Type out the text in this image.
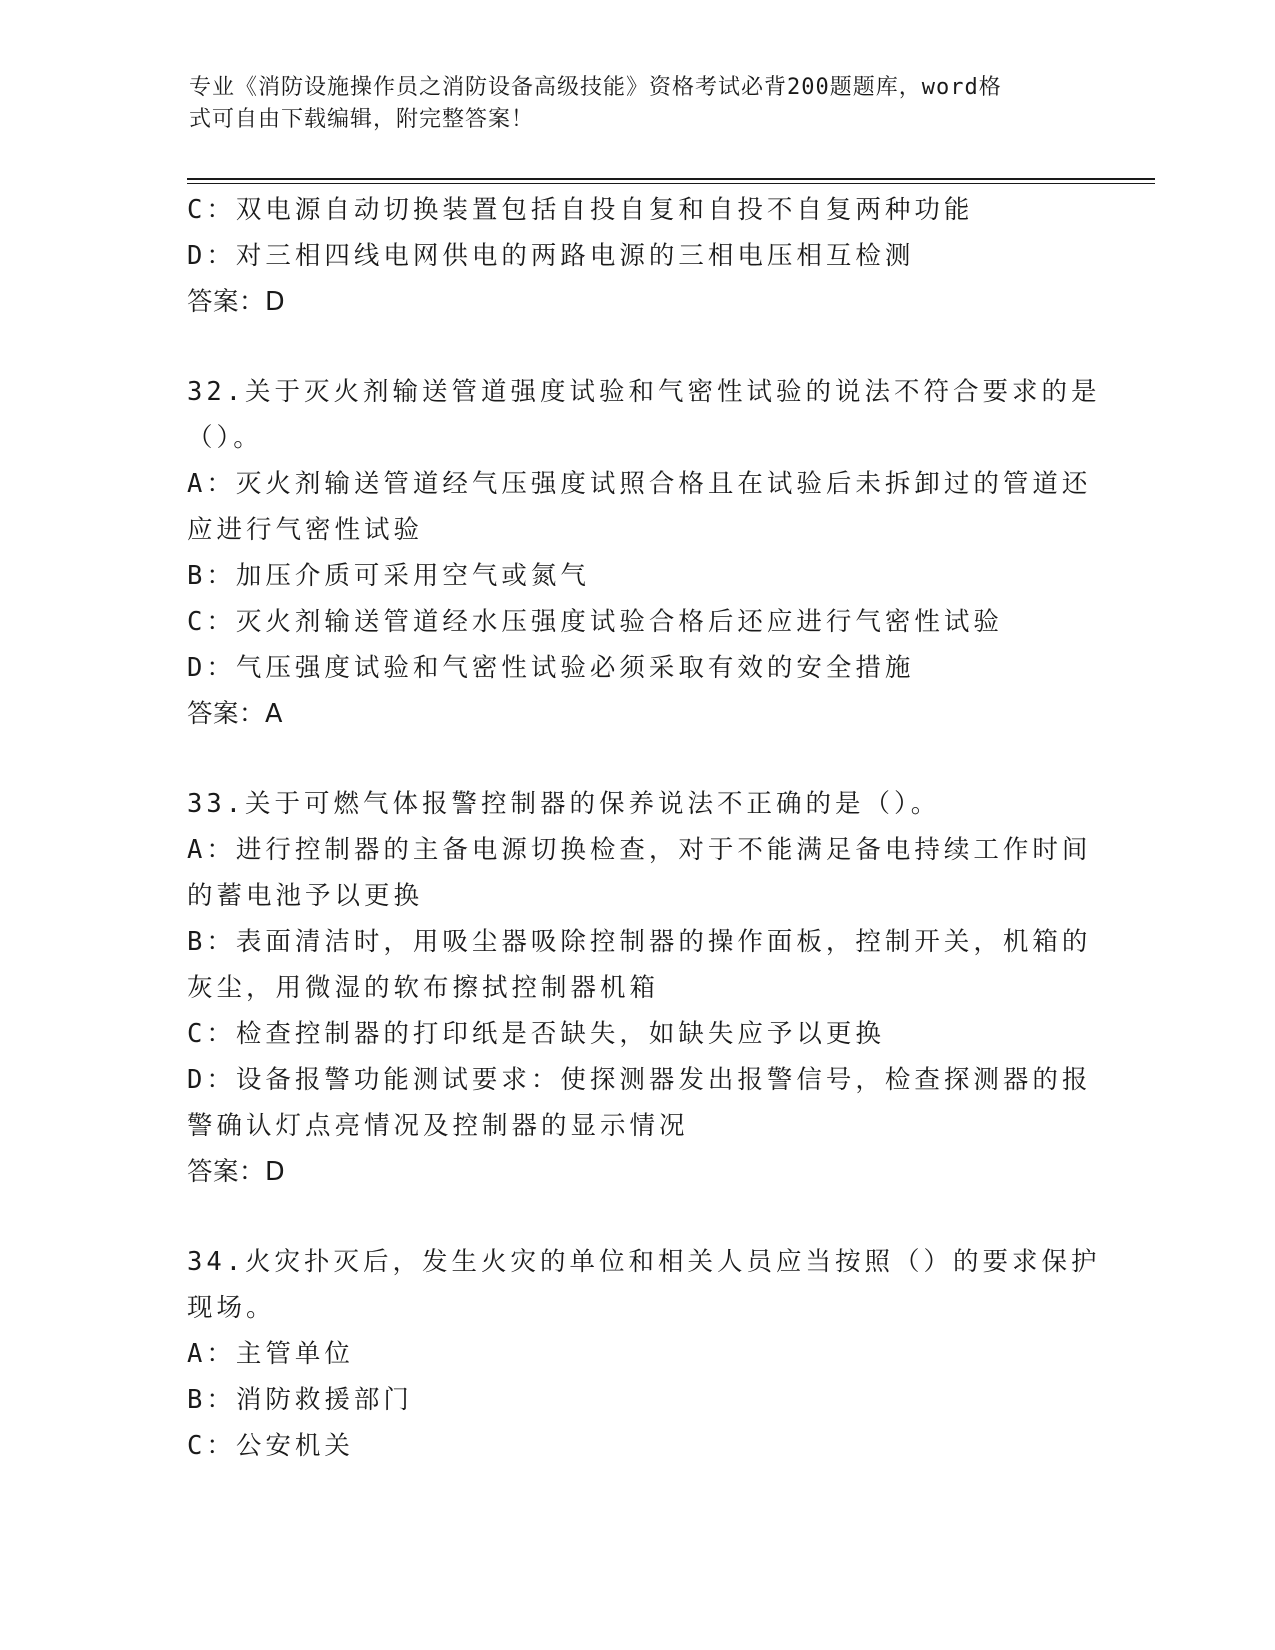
专业《消防设施操作员之消防设备高级技能》资格考试必背200题题库，word格
式可自由下载编辑，附完整答案！
C：双电源自动切换装置包括自投自复和自投不自复两种功能
D：对三相四线电网供电的两路电源的三相电压相互检测
答案：D
32.关于灭火剂输送管道强度试验和气密性试验的说法不符合要求的是
（）。
A：灭火剂输送管道经气压强度试照合格且在试验后未拆卸过的管道还
应进行气密性试验
B：加压介质可采用空气或氮气
C：灭火剂输送管道经水压强度试验合格后还应进行气密性试验
D：气压强度试验和气密性试验必须采取有效的安全措施
答案：A
33.关于可燃气体报警控制器的保养说法不正确的是（）。
A：进行控制器的主备电源切换检查，对于不能满足备电持续工作时间
的蓄电池予以更换
B：表面清洁时，用吸尘器吸除控制器的操作面板，控制开关，机箱的
灰尘，用微湿的软布擦拭控制器机箱
C：检查控制器的打印纸是否缺失，如缺失应予以更换
D：设备报警功能测试要求：使探测器发出报警信号，检查探测器的报
警确认灯点亮情况及控制器的显示情况
答案：D
34.火灾扑灭后，发生火灾的单位和相关人员应当按照（）的要求保护
现场。
A：主管单位
B：消防救援部门
C：公安机关
